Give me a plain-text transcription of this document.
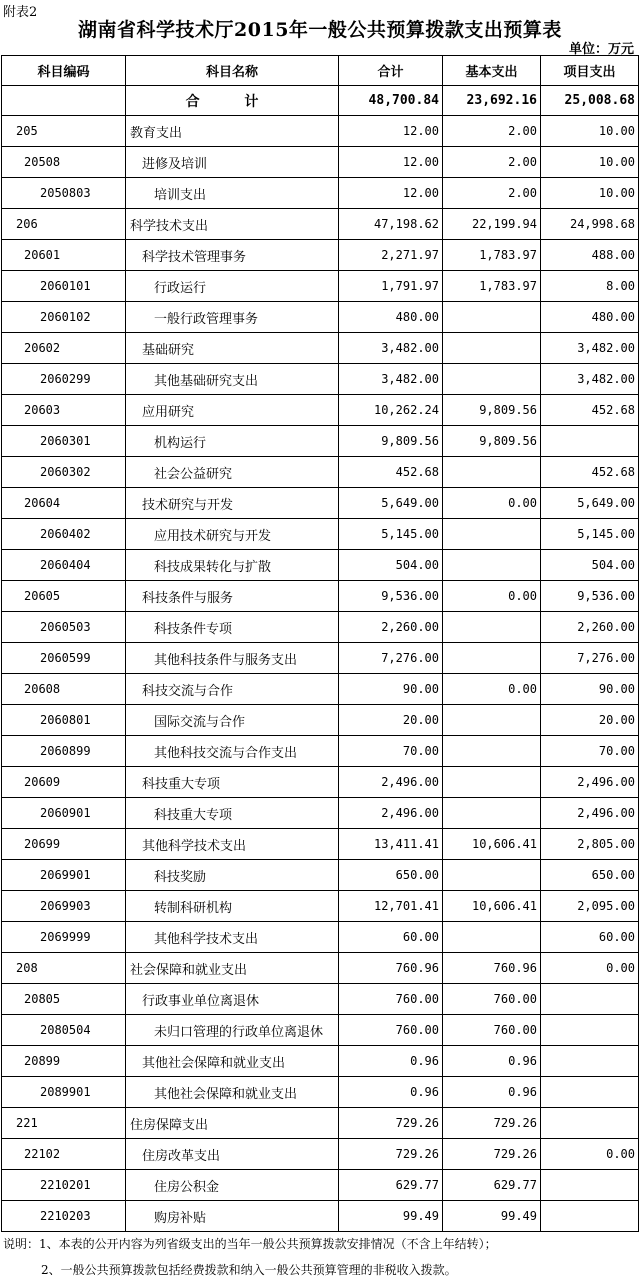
附表2
湖南省科学技术厅2015年一般公共预算拨款支出预算表
单位：万元
科目编码	科目名称	合计	基本支出	项目支出
	合 计	48,700.84	23,692.16	25,008.68
205	教育支出	12.00	2.00	10.00
20508	进修及培训	12.00	2.00	10.00
2050803	培训支出	12.00	2.00	10.00
206	科学技术支出	47,198.62	22,199.94	24,998.68
20601	科学技术管理事务	2,271.97	1,783.97	488.00
2060101	行政运行	1,791.97	1,783.97	8.00
2060102	一般行政管理事务	480.00		480.00
20602	基础研究	3,482.00		3,482.00
2060299	其他基础研究支出	3,482.00		3,482.00
20603	应用研究	10,262.24	9,809.56	452.68
2060301	机构运行	9,809.56	9,809.56	
2060302	社会公益研究	452.68		452.68
20604	技术研究与开发	5,649.00	0.00	5,649.00
2060402	应用技术研究与开发	5,145.00		5,145.00
2060404	科技成果转化与扩散	504.00		504.00
20605	科技条件与服务	9,536.00	0.00	9,536.00
2060503	科技条件专项	2,260.00		2,260.00
2060599	其他科技条件与服务支出	7,276.00		7,276.00
20608	科技交流与合作	90.00	0.00	90.00
2060801	国际交流与合作	20.00		20.00
2060899	其他科技交流与合作支出	70.00		70.00
20609	科技重大专项	2,496.00		2,496.00
2060901	科技重大专项	2,496.00		2,496.00
20699	其他科学技术支出	13,411.41	10,606.41	2,805.00
2069901	科技奖励	650.00		650.00
2069903	转制科研机构	12,701.41	10,606.41	2,095.00
2069999	其他科学技术支出	60.00		60.00
208	社会保障和就业支出	760.96	760.96	0.00
20805	行政事业单位离退休	760.00	760.00	
2080504	未归口管理的行政单位离退休	760.00	760.00	
20899	其他社会保障和就业支出	0.96	0.96	
2089901	其他社会保障和就业支出	0.96	0.96	
221	住房保障支出	729.26	729.26	
22102	住房改革支出	729.26	729.26	0.00
2210201	住房公积金	629.77	629.77	
2210203	购房补贴	99.49	99.49	
说明：1、本表的公开内容为列省级支出的当年一般公共预算拨款安排情况（不含上年结转）；
2、一般公共预算拨款包括经费拨款和纳入一般公共预算管理的非税收入拨款。
